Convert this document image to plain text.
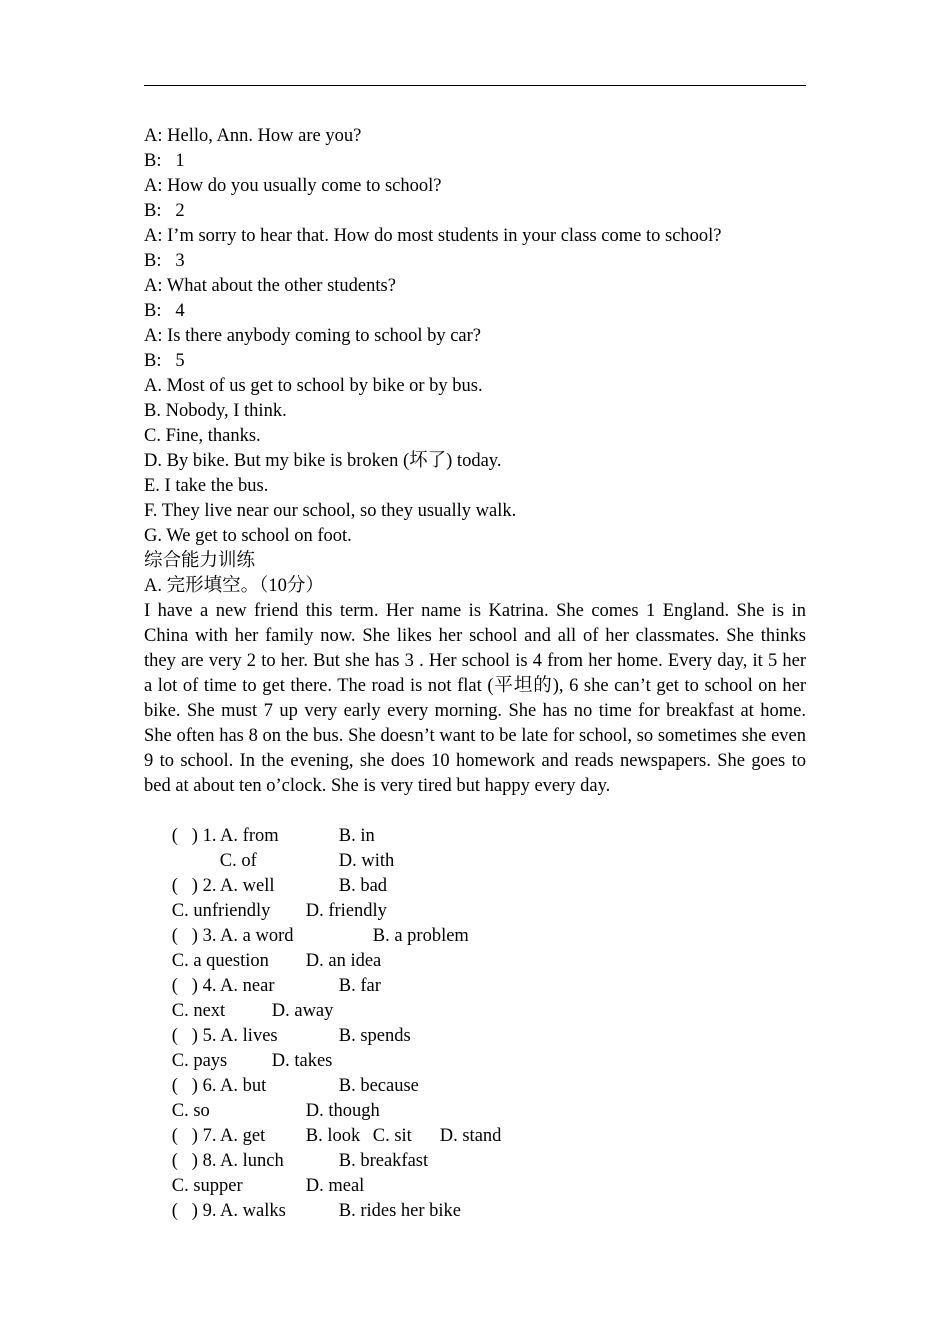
A: Hello, Ann. How are you?
B:   1
A: How do you usually come to school?
B:   2
A: I’m sorry to hear that. How do most students in your class come to school?
B:   3
A: What about the other students?
B:   4
A: Is there anybody coming to school by car?
B:   5
A. Most of us get to school by bike or by bus.
B. Nobody, I think.
C. Fine, thanks.
D. By bike. But my bike is broken (坏了) today.
E. I take the bus.
F. They live near our school, so they usually walk.
G. We get to school on foot.
综合能力训练
A. 完形填空。（10分）
I have a new friend this term. Her name is Katrina. She comes 1 England. She is in China with her family now. She likes her school and all of her classmates. She thinks they are very 2 to her. But she has 3 . Her school is 4 from her home. Every day, it 5 her a lot of time to get there. The road is not flat (平坦的), 6 she can’t get to school on her bike. She must 7 up very early every morning. She has no time for breakfast at home. She often has 8 on the bus. She doesn’t want to be late for school, so sometimes she even 9 to school. In the evening, she does 10 homework and reads newspapers. She goes to bed at about ten o’clock. She is very tired but happy every day.

(   ) 1. A. from	B. in

C. of	D. with

(   ) 2. A. well	B. bad

C. unfriendly D. friendly

(   ) 3. A. a word	B. a problem

C. a question D. an idea

(   ) 4. A. near	B. far

C. next	D. away

(   ) 5. A. lives	B. spends

C. pays D. takes

(   ) 6. A. but	B. because

C. so	D. though

(   ) 7. A. get B. look C. sit D. stand

(   ) 8. A. lunch	B. breakfast

C. supper	D. meal

(   ) 9. A. walks	B. rides her bike
